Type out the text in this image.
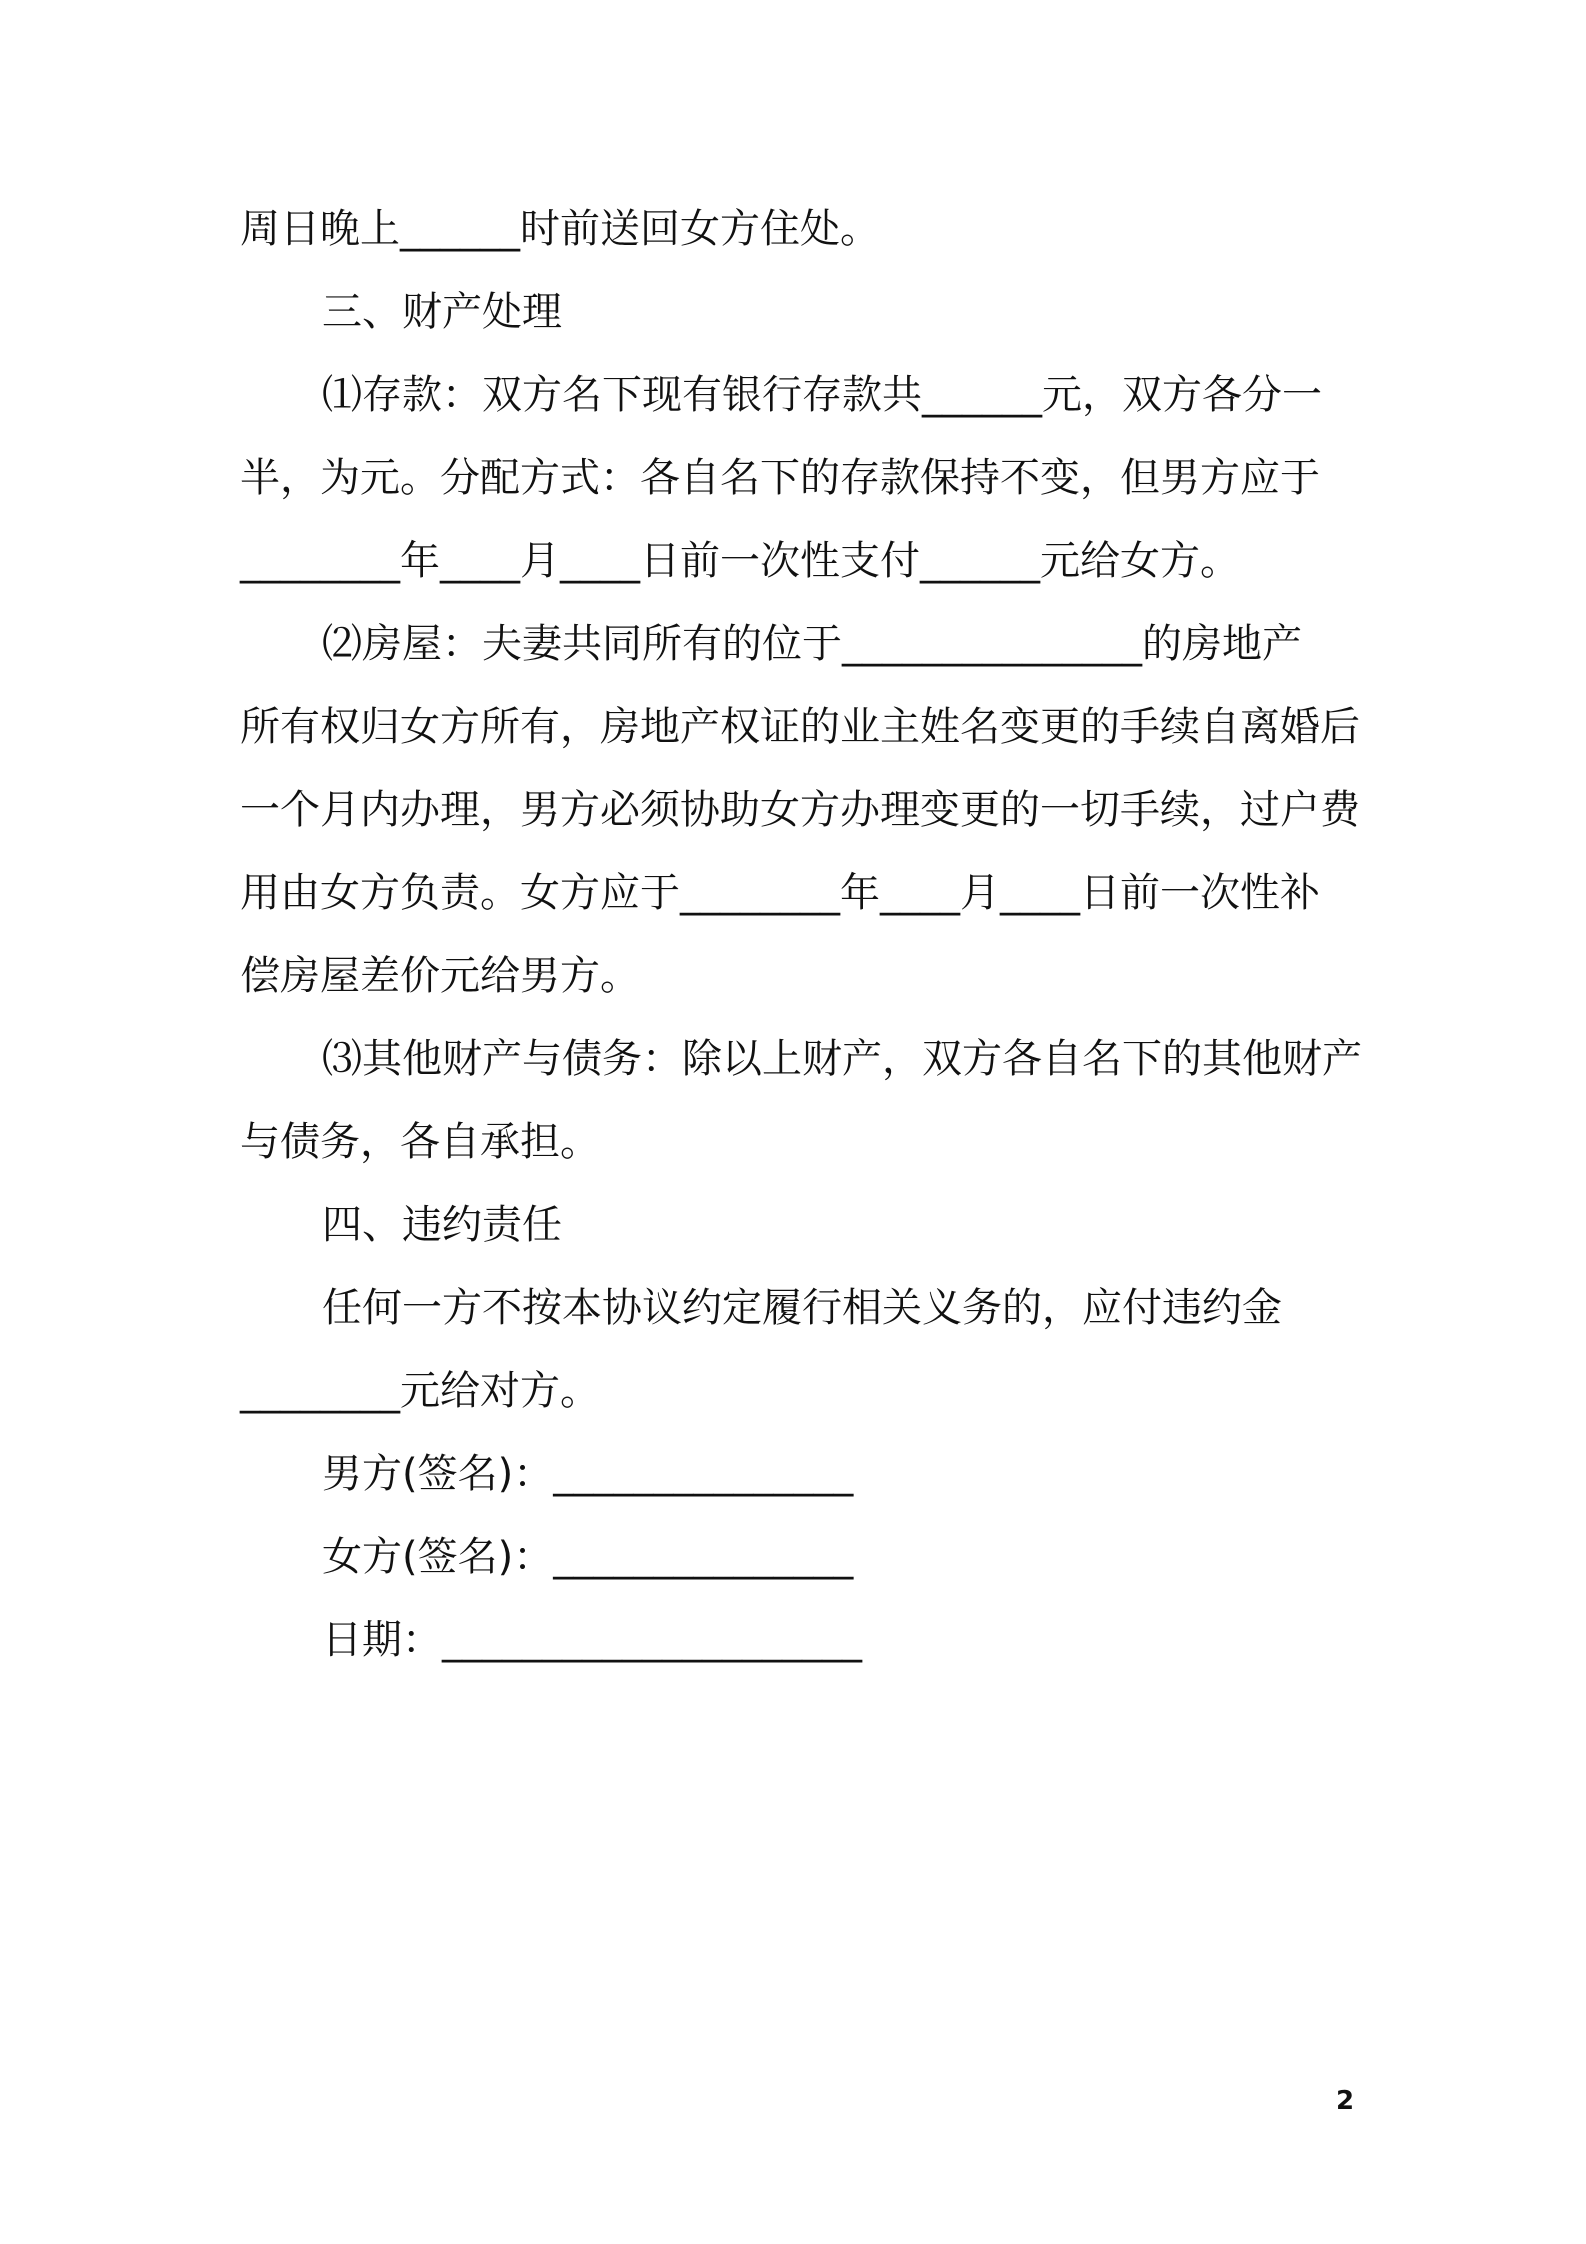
周日晚上______时前送回女方住处。
三、财产处理
⑴存款：双方名下现有银行存款共______元，双方各分一
半，为元。分配方式：各自名下的存款保持不变，但男方应于
________年____月____日前一次性支付______元给女方。
⑵房屋：夫妻共同所有的位于_______________的房地产
所有权归女方所有，房地产权证的业主姓名变更的手续自离婚后
一个月内办理，男方必须协助女方办理变更的一切手续，过户费
用由女方负责。女方应于________年____月____日前一次性补
偿房屋差价元给男方。
⑶其他财产与债务：除以上财产，双方各自名下的其他财产
与债务，各自承担。
四、违约责任
任何一方不按本协议约定履行相关义务的，应付违约金
________元给对方。
男方(签名)：_______________
女方(签名)：_______________
日期：_____________________
2
